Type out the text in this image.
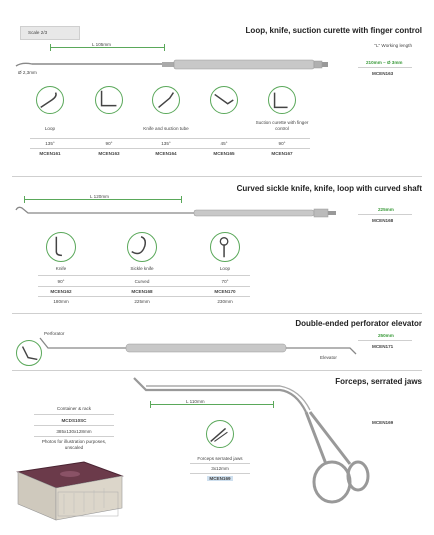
Scale 2/3	Loop, knife, suction curette with finger control
L 105mm
Ø 2,3mm
"L" Working length
210mm – Ø 3mm
MCEN163
Loop	Knife and suction tube
Suction curette with finger control
135°	90°	135°	45°	90°
MCEN161	MCEN163	MCEN164	MCEN165	MCEN167
Curved sickle knife, knife, loop with curved shaft
L 120mm
225mm
MCEN168
Knife	Sickle knife	Loop
90°	Curved	70°
MCEN162	MCEN168	MCEN170
180mm	225mm	230mm
Double-ended perforator elevator
Perforator
Elevator
250mm
MCEN171
Forceps, serrated jaws
L 110mm
MCEN169
Forceps serrated jaws
3x12mm
MCEN169
Container & rack
MCDS10SC
385x130x128mm
Photos for illustration purposes,
unscaled
